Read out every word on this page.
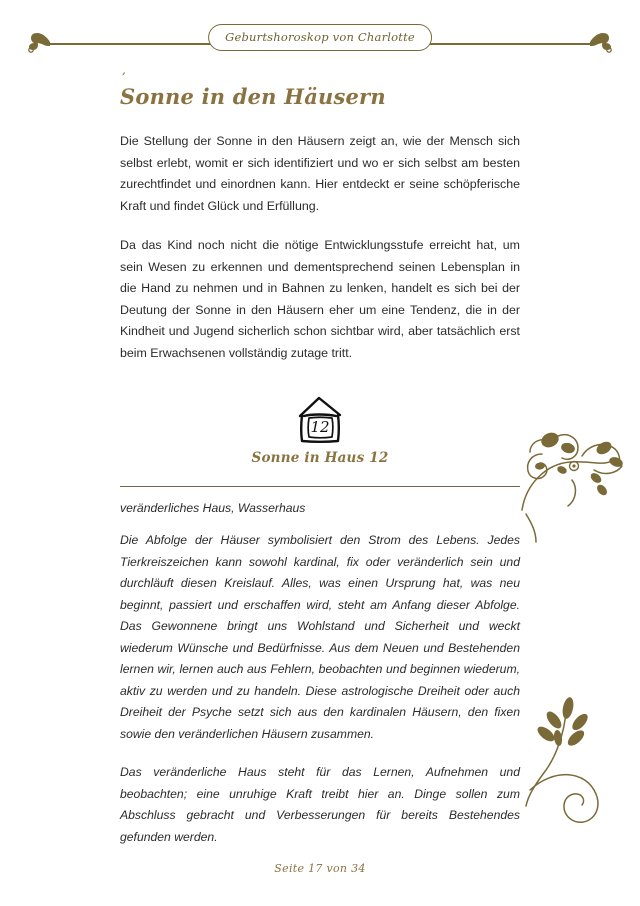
Geburtshoroskop von Charlotte
’
Sonne in den Häusern

Die Stellung der Sonne in den Häusern zeigt an, wie der Mensch sich selbst erlebt, womit er sich identifiziert und wo er sich selbst am besten zurechtfindet und einordnen kann. Hier entdeckt er seine schöpferische Kraft und findet Glück und Erfüllung.

Da das Kind noch nicht die nötige Entwicklungsstufe erreicht hat, um sein Wesen zu erkennen und dementsprechend seinen Lebensplan in die Hand zu nehmen und in Bahnen zu lenken, handelt es sich bei der Deutung der Sonne in den Häusern eher um eine Tendenz, die in der Kindheit und Jugend sicherlich schon sichtbar wird, aber tatsächlich erst beim Erwachsenen vollständig zutage tritt.

12
Sonne in Haus 12
veränderliches Haus, Wasserhaus

Die Abfolge der Häuser symbolisiert den Strom des Lebens. Jedes Tierkreiszeichen kann sowohl kardinal, fix oder veränderlich sein und durchläuft diesen Kreislauf. Alles, was einen Ursprung hat, was neu beginnt, passiert und erschaffen wird, steht am Anfang dieser Abfolge. Das Gewonnene bringt uns Wohlstand und Sicherheit und weckt wiederum Wünsche und Bedürfnisse. Aus dem Neuen und Bestehenden lernen wir, lernen auch aus Fehlern, beobachten und beginnen wiederum, aktiv zu werden und zu handeln. Diese astrologische Dreiheit oder auch Dreiheit der Psyche setzt sich aus den kardinalen Häusern, den fixen sowie den veränderlichen Häusern zusammen.

Das veränderliche Haus steht für das Lernen, Aufnehmen und beobachten; eine unruhige Kraft treibt hier an. Dinge sollen zum Abschluss gebracht und Verbesserungen für bereits Bestehendes gefunden werden.

Seite 17 von 34
